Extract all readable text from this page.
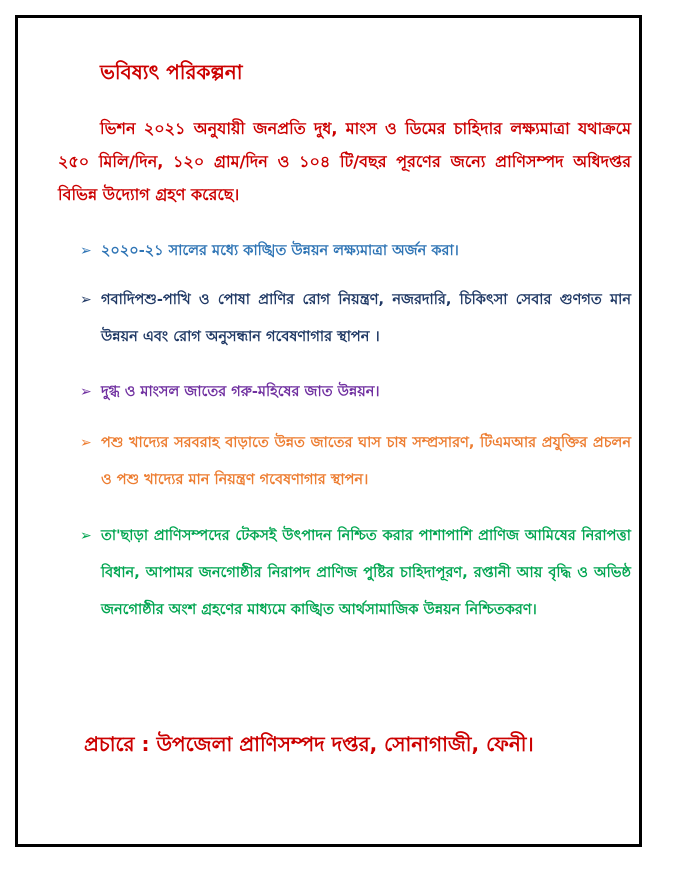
ভবিষ্যৎ পরিকল্পনা

ভিশন ২০২১ অনুযায়ী জনপ্রতি দুধ, মাংস ও ডিমের চাহিদার লক্ষ্যমাত্রা যথাক্রমে ২৫০ মিলি/দিন, ১২০ গ্রাম/দিন ও ১০৪ টি/বছর পূরণের জন্যে প্রাণিসম্পদ অধিদপ্তর বিভিন্ন উদ্যোগ গ্রহণ করেছে।

➢ ২০২০-২১ সালের মধ্যে কাঙ্খিত উন্নয়ন লক্ষ্যমাত্রা অর্জন করা।
➢ গবাদিপশু-পাখি ও পোষা প্রাণির রোগ নিয়ন্ত্রণ, নজরদারি, চিকিৎসা সেবার গুণগত মান উন্নয়ন এবং রোগ অনুসন্ধান গবেষণাগার স্থাপন ।
➢ দুগ্ধ ও মাংসল জাতের গরু-মহিষের জাত উন্নয়ন।
➢ পশু খাদ্যের সরবরাহ বাড়াতে উন্নত জাতের ঘাস চাষ সম্প্রসারণ, টিএমআর প্রযুক্তির প্রচলন ও পশু খাদ্যের মান নিয়ন্ত্রণ গবেষণাগার স্থাপন।
➢ তা'ছাড়া প্রাণিসম্পদের টেকসই উৎপাদন নিশ্চিত করার পাশাপাশি প্রাণিজ আমিষের নিরাপত্তা বিধান, আপামর জনগোষ্ঠীর নিরাপদ প্রাণিজ পুষ্টির চাহিদাপূরণ, রপ্তানী আয় বৃদ্ধি ও অভিষ্ঠ জনগোষ্ঠীর অংশ গ্রহণের মাধ্যমে কাঙ্খিত আর্থসামাজিক উন্নয়ন নিশ্চিতকরণ।
প্রচারে : উপজেলা প্রাণিসম্পদ দপ্তর, সোনাগাজী, ফেনী।
